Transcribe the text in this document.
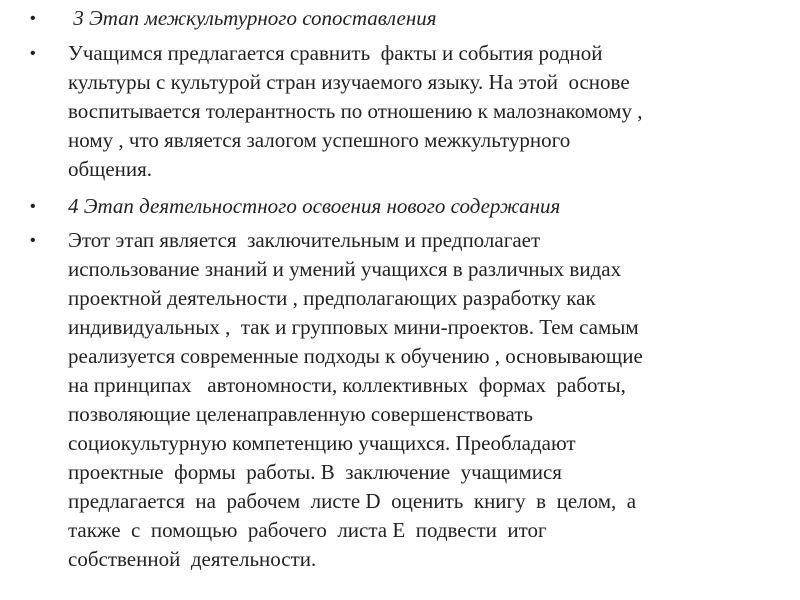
• 3 Этап межкультурного сопоставления
• Учащимся предлагается сравнить  факты и события родной
культуры с культурой стран изучаемого языку. На этой  основе
воспитывается толерантность по отношению к малознакомому ,
ному , что является залогом успешного межкультурного
общения.
• 4 Этап деятельностного освоения нового содержания
• Этот этап является  заключительным и предполагает
использование знаний и умений учащихся в различных видах
проектной деятельности , предполагающих разработку как
индивидуальных ,  так и групповых мини-проектов. Тем самым
реализуется современные подходы к обучению , основывающие
на принципах   автономности, коллективных  формах  работы,
позволяющие целенаправленную совершенствовать
социокультурную компетенцию учащихся. Преобладают
проектные  формы  работы. В  заключение  учащимися
предлагается  на  рабочем  листе D  оценить  книгу  в  целом,  а
также  с  помощью  рабочего  листа Е  подвести  итог
собственной  деятельности.
